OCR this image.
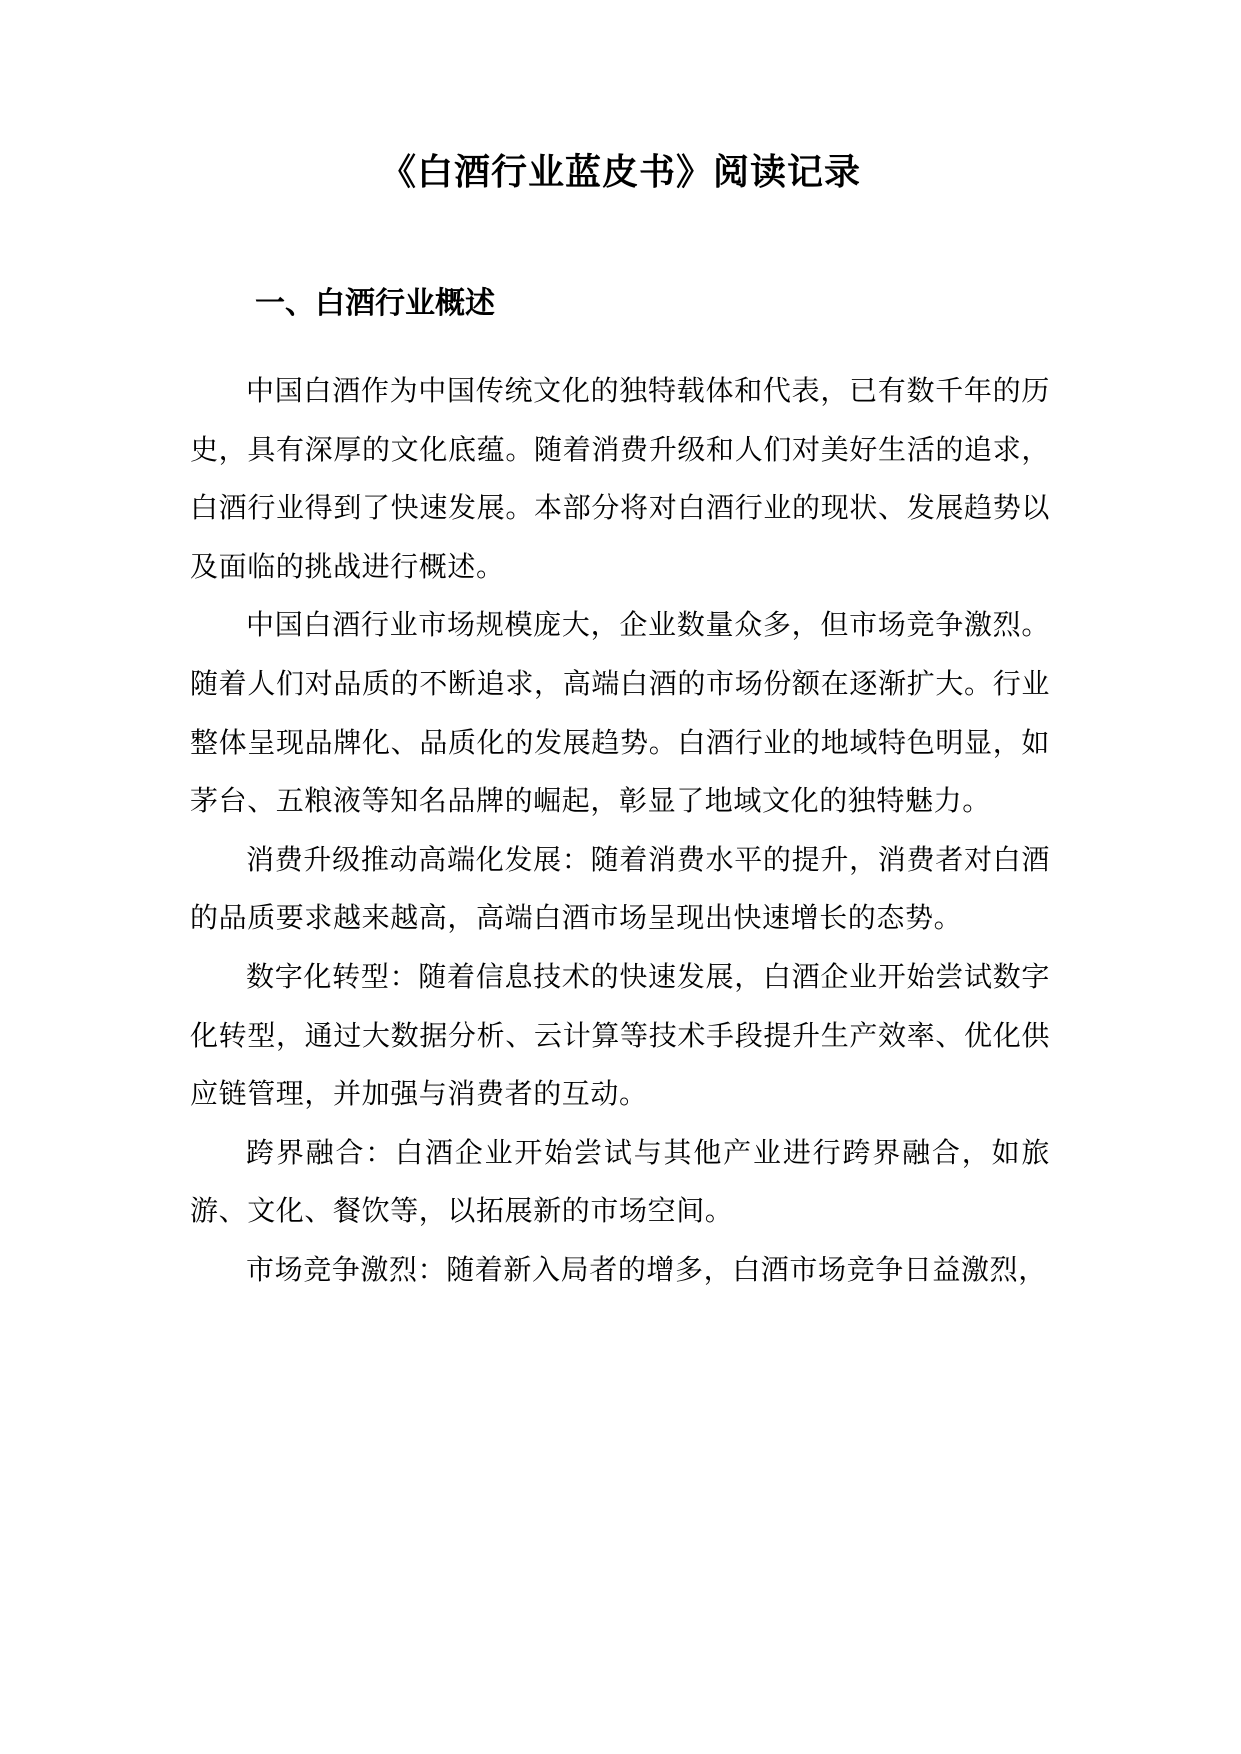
《白酒行业蓝皮书》阅读记录
一、白酒行业概述

中国白酒作为中国传统文化的独特载体和代表，已有数千年的历史，具有深厚的文化底蕴。随着消费升级和人们对美好生活的追求，白酒行业得到了快速发展。本部分将对白酒行业的现状、发展趋势以及面临的挑战进行概述。

中国白酒行业市场规模庞大，企业数量众多，但市场竞争激烈。随着人们对品质的不断追求，高端白酒的市场份额在逐渐扩大。行业整体呈现品牌化、品质化的发展趋势。白酒行业的地域特色明显，如茅台、五粮液等知名品牌的崛起，彰显了地域文化的独特魅力。

消费升级推动高端化发展：随着消费水平的提升，消费者对白酒的品质要求越来越高，高端白酒市场呈现出快速增长的态势。

数字化转型：随着信息技术的快速发展，白酒企业开始尝试数字化转型，通过大数据分析、云计算等技术手段提升生产效率、优化供应链管理，并加强与消费者的互动。

跨界融合：白酒企业开始尝试与其他产业进行跨界融合，如旅游、文化、餐饮等，以拓展新的市场空间。

市场竞争激烈：随着新入局者的增多，白酒市场竞争日益激烈，
